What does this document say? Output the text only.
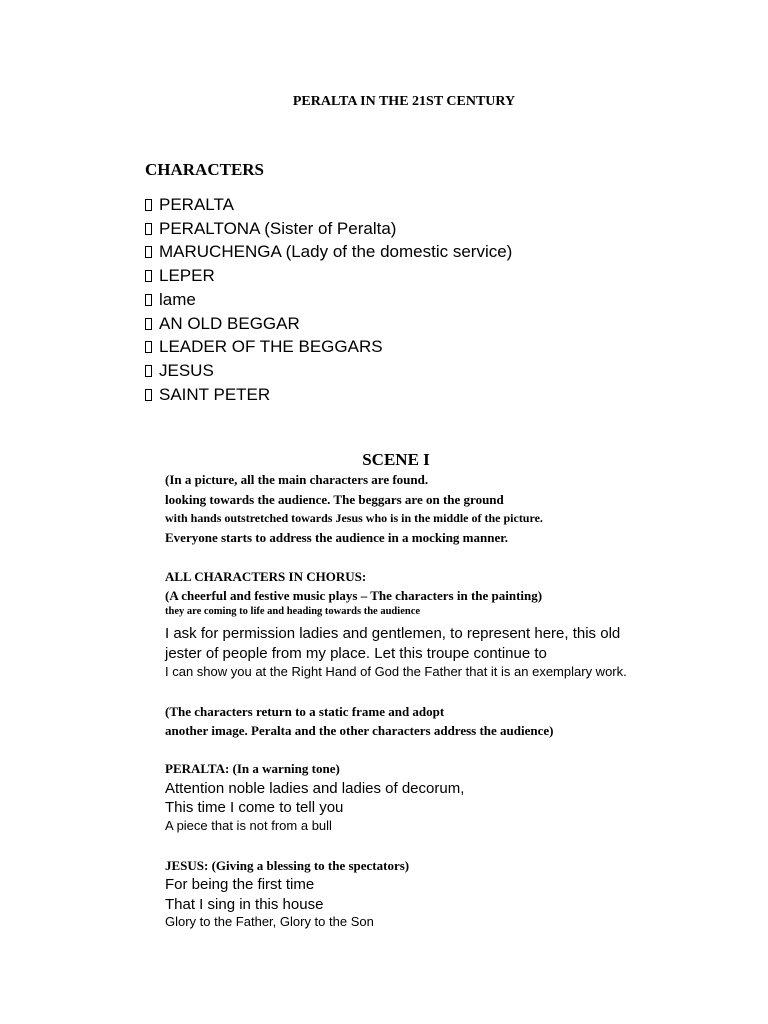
PERALTA IN THE 21ST CENTURY
CHARACTERS
PERALTA
PERALTONA (Sister of Peralta)
MARUCHENGA (Lady of the domestic service)
LEPER
lame
AN OLD BEGGAR
LEADER OF THE BEGGARS
JESUS
SAINT PETER
SCENE I
(In a picture, all the main characters are found.
looking towards the audience. The beggars are on the ground
with hands outstretched towards Jesus who is in the middle of the picture.
Everyone starts to address the audience in a mocking manner.
ALL CHARACTERS IN CHORUS:
(A cheerful and festive music plays – The characters in the painting)
they are coming to life and heading towards the audience
I ask for permission ladies and gentlemen, to represent here, this old
jester of people from my place. Let this troupe continue to
I can show you at the Right Hand of God the Father that it is an exemplary work.
(The characters return to a static frame and adopt
another image. Peralta and the other characters address the audience)
PERALTA: (In a warning tone)
Attention noble ladies and ladies of decorum,
This time I come to tell you
A piece that is not from a bull
JESUS: (Giving a blessing to the spectators)
For being the first time
That I sing in this house
Glory to the Father, Glory to the Son
